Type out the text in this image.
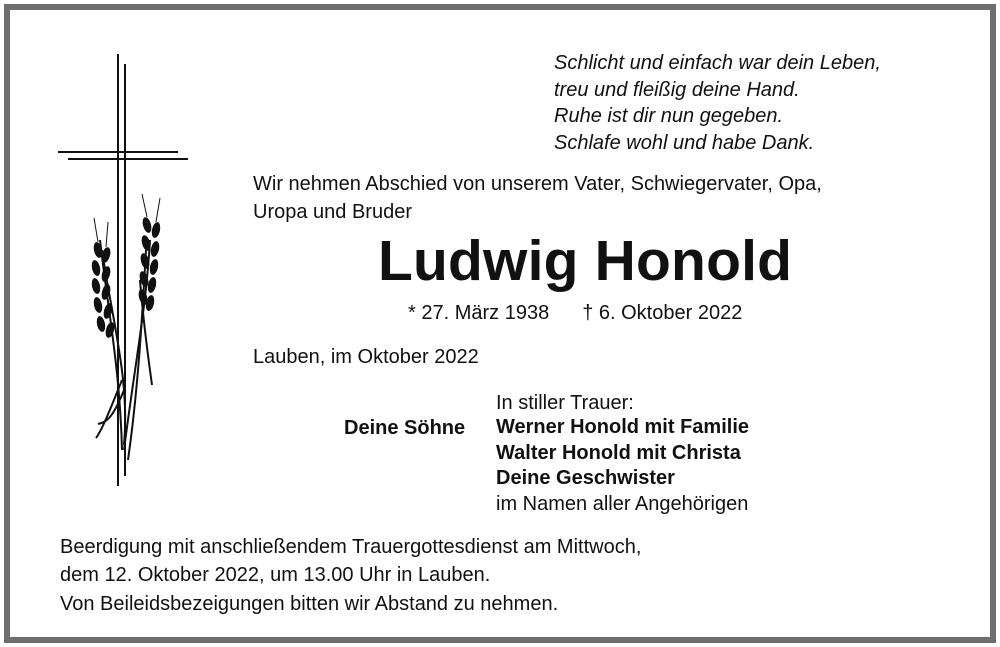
Schlicht und einfach war dein Leben,
treu und fleißig deine Hand.
Ruhe ist dir nun gegeben.
Schlafe wohl und habe Dank.
Wir nehmen Abschied von unserem Vater, Schwiegervater, Opa,
Uropa und Bruder
Ludwig Honold
* 27. März 1938 † 6. Oktober 2022
Lauben, im Oktober 2022
In stiller Trauer:
Deine Söhne Werner Honold mit Familie
Walter Honold mit Christa
Deine Geschwister
im Namen aller Angehörigen
Beerdigung mit anschließendem Trauergottesdienst am Mittwoch,
dem 12. Oktober 2022, um 13.00 Uhr in Lauben.
Von Beileidsbezeigungen bitten wir Abstand zu nehmen.
